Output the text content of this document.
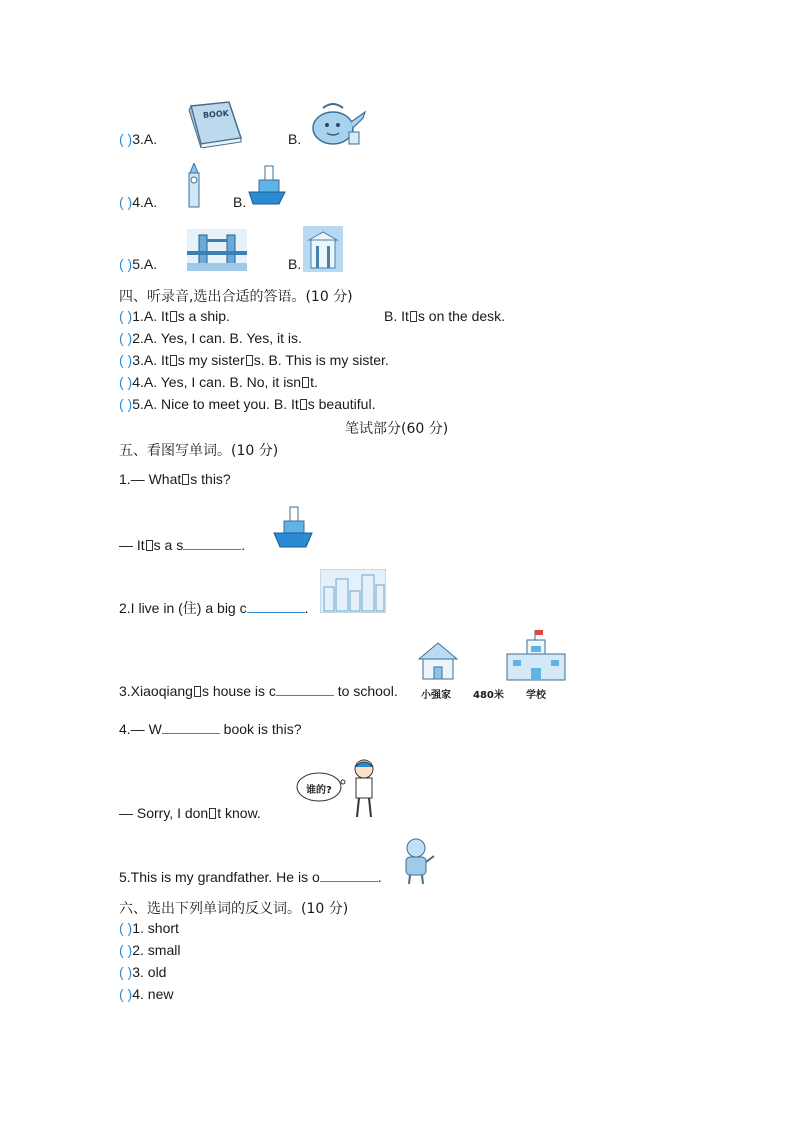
( )3.A.
BOOK
B.
( )4.A.	B.
( )5.A.	B.
四、听录音,选出合适的答语。(10 分)
( )1.A. It s a ship.	B. It s on the desk.
( )2.A. Yes, I can. B. Yes, it is.
( )3.A. It s my sister s. B. This is my sister.
( )4.A. Yes, I can. B. No, it isn t.
( )5.A. Nice to meet you. B. It s beautiful.
笔试部分(60 分)
五、看图写单词。(10 分)
1.— What s this?
— It s a s	.
2.I live in (住) a big c	.
3.Xiaoqiang s house is c	to school. 小强家 480米 学校
4.— W	book is this?
— Sorry, I don t know.
谁的?
5.This is my grandfather. He is o	.
六、选出下列单词的反义词。(10 分)
( )1. short
( )2. small
( )3. old
( )4. new
